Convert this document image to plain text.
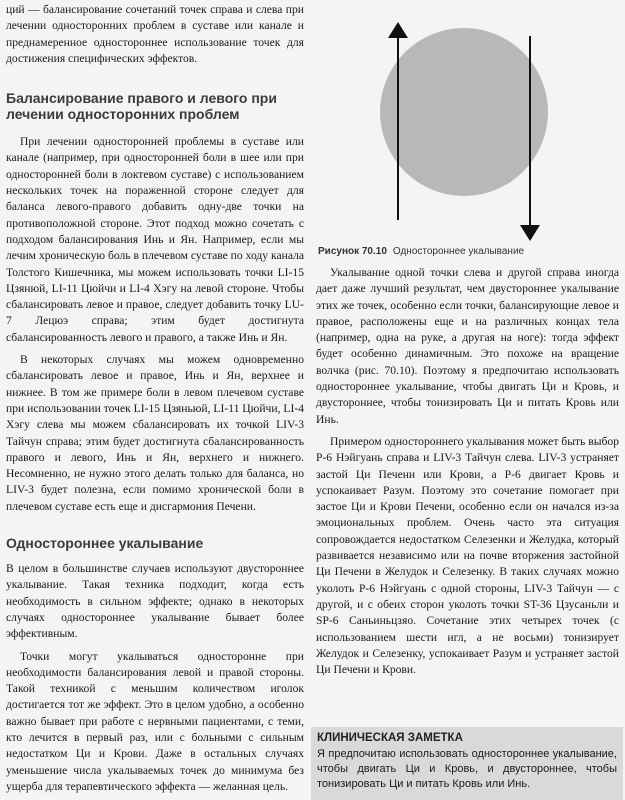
ций — балансирование сочетаний точек справа и слева при лечении односторонних проблем в суставе или канале и преднамеренное одностороннее использование точек для достижения специфических эффектов.

Балансирование правого и левого при лечении односторонних проблем

При лечении односторонней проблемы в суставе или канале (например, при односторонней боли в шее или при односторонней боли в локтевом суставе) с использованием нескольких точек на пораженной стороне следует для баланса левого-правого добавить одну-две точки на противоположной стороне. Этот подход можно сочетать с подходом балансирования Инь и Ян. Например, если мы лечим хроническую боль в плечевом суставе по ходу канала Толстого Кишечника, мы можем использовать точки LI-15 Цзянюй, LI-11 Цюйчи и LI-4 Хэгу на левой стороне. Чтобы сбалансировать левое и правое, следует добавить точку LU-7 Лецюэ справа; этим будет достигнута сбалансированность левого и правого, а также Инь и Ян.

В некоторых случаях мы можем одновременно сбалансировать левое и правое, Инь и Ян, верхнее и нижнее. В том же примере боли в левом плечевом суставе при использовании точек LI-15 Цзяньюй, LI-11 Цюйчи, LI-4 Хэгу слева мы можем сбалансировать их точкой LIV-3 Тайчун справа; этим будет достигнута сбалансированность правого и левого, Инь и Ян, верхнего и нижнего. Несомненно, не нужно этого делать только для баланса, но LIV-3 будет полезна, если помимо хронической боли в плечевом суставе есть еще и дисгармония Печени.

Одностороннее укалывание

В целом в большинстве случаев используют двустороннее укалывание. Такая техника подходит, когда есть необходимость в сильном эффекте; однако в некоторых случаях одностороннее укалывание бывает более эффективным.

Точки могут укалываться односторонне при необходимости балансирования левой и правой стороны. Такой техникой с меньшим количеством иголок достигается тот же эффект. Это в целом удобно, а особенно важно бывает при работе с нервными пациентами, с теми, кто лечится в первый раз, или с больными с сильным недостатком Ци и Крови. Даже в остальных случаях уменьшение числа укалываемых точек до минимума без ущерба для терапевтического эффекта — желанная цель.

Рисунок 70.10 Одностороннее укалывание

Укалывание одной точки слева и другой справа иногда дает даже лучший результат, чем двустороннее укалывание этих же точек, особенно если точки, балансирующие левое и правое, расположены еще и на различных концах тела (например, одна на руке, а другая на ноге): тогда эффект будет особенно динамичным. Это похоже на вращение волчка (рис. 70.10). Поэтому я предпочитаю использовать одностороннее укалывание, чтобы двигать Ци и Кровь, и двустороннее, чтобы тонизировать Ци и питать Кровь или Инь.

Примером одностороннего укалывания может быть выбор P-6 Нэйгуань справа и LIV-3 Тайчун слева. LIV-3 устраняет застой Ци Печени или Крови, а P-6 двигает Кровь и успокаивает Разум. Поэтому это сочетание помогает при застое Ци и Крови Печени, особенно если он начался из-за эмоциональных проблем. Очень часто эта ситуация сопровождается недостатком Селезенки и Желудка, который развивается независимо или на почве вторжения застойной Ци Печени в Желудок и Селезенку. В таких случаях можно уколоть P-6 Нэйгуань с одной стороны, LIV-3 Тайчун — с другой, и с обеих сторон уколоть точки ST-36 Цзусаньли и SP-6 Саньиньцзяо. Сочетание этих четырех точек (с использованием шести игл, а не восьми) тонизирует Желудок и Селезенку, успокаивает Разум и устраняет застой Ци Печени и Крови.

КЛИНИЧЕСКАЯ ЗАМЕТКА
Я предпочитаю использовать одностороннее укалывание, чтобы двигать Ци и Кровь, и двустороннее, чтобы тонизировать Ци и питать Кровь или Инь.
